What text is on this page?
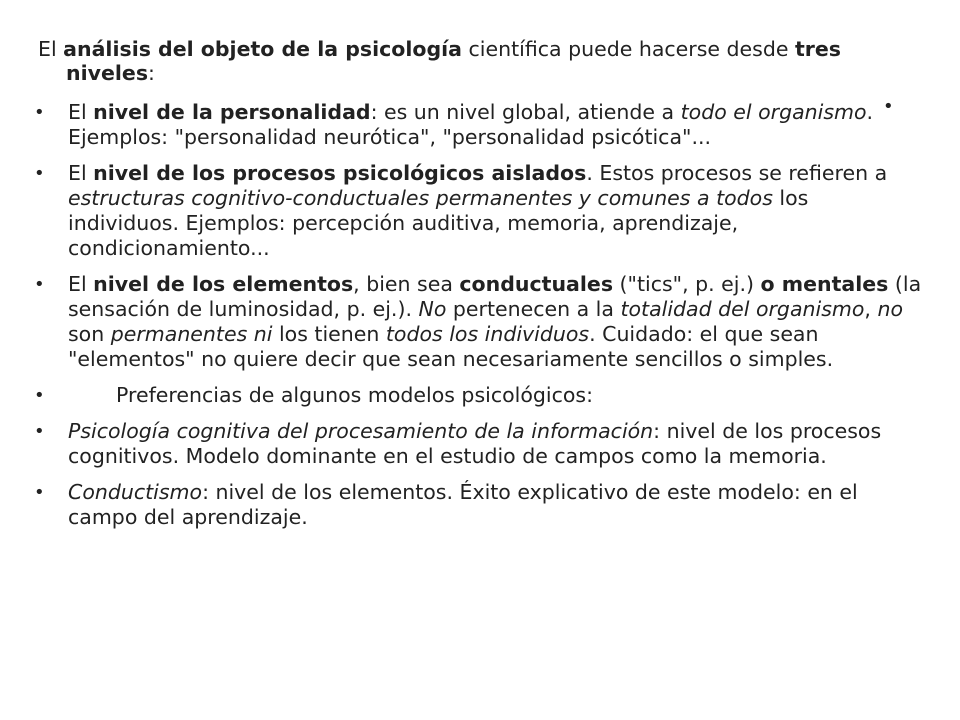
El análisis del objeto de la psicología científica puede hacerse desde tres
niveles:
•
• El nivel de la personalidad: es un nivel global, atiende a todo el organismo. Ejemplos: "personalidad neurótica", "personalidad psicótica"...
• El nivel de los procesos psicológicos aislados. Estos procesos se refieren a estructuras cognitivo-conductuales permanentes y comunes a todos los individuos. Ejemplos: percepción auditiva, memoria, aprendizaje, condicionamiento...
• El nivel de los elementos, bien sea conductuales ("tics", p. ej.) o mentales (la sensación de luminosidad, p. ej.). No pertenecen a la totalidad del organismo, no son permanentes ni los tienen todos los individuos. Cuidado: el que sean "elementos" no quiere decir que sean necesariamente sencillos o simples.
•	Preferencias de algunos modelos psicológicos:
• Psicología cognitiva del procesamiento de la información: nivel de los procesos cognitivos. Modelo dominante en el estudio de campos como la memoria.
• Conductismo: nivel de los elementos. Éxito explicativo de este modelo: en el campo del aprendizaje.
